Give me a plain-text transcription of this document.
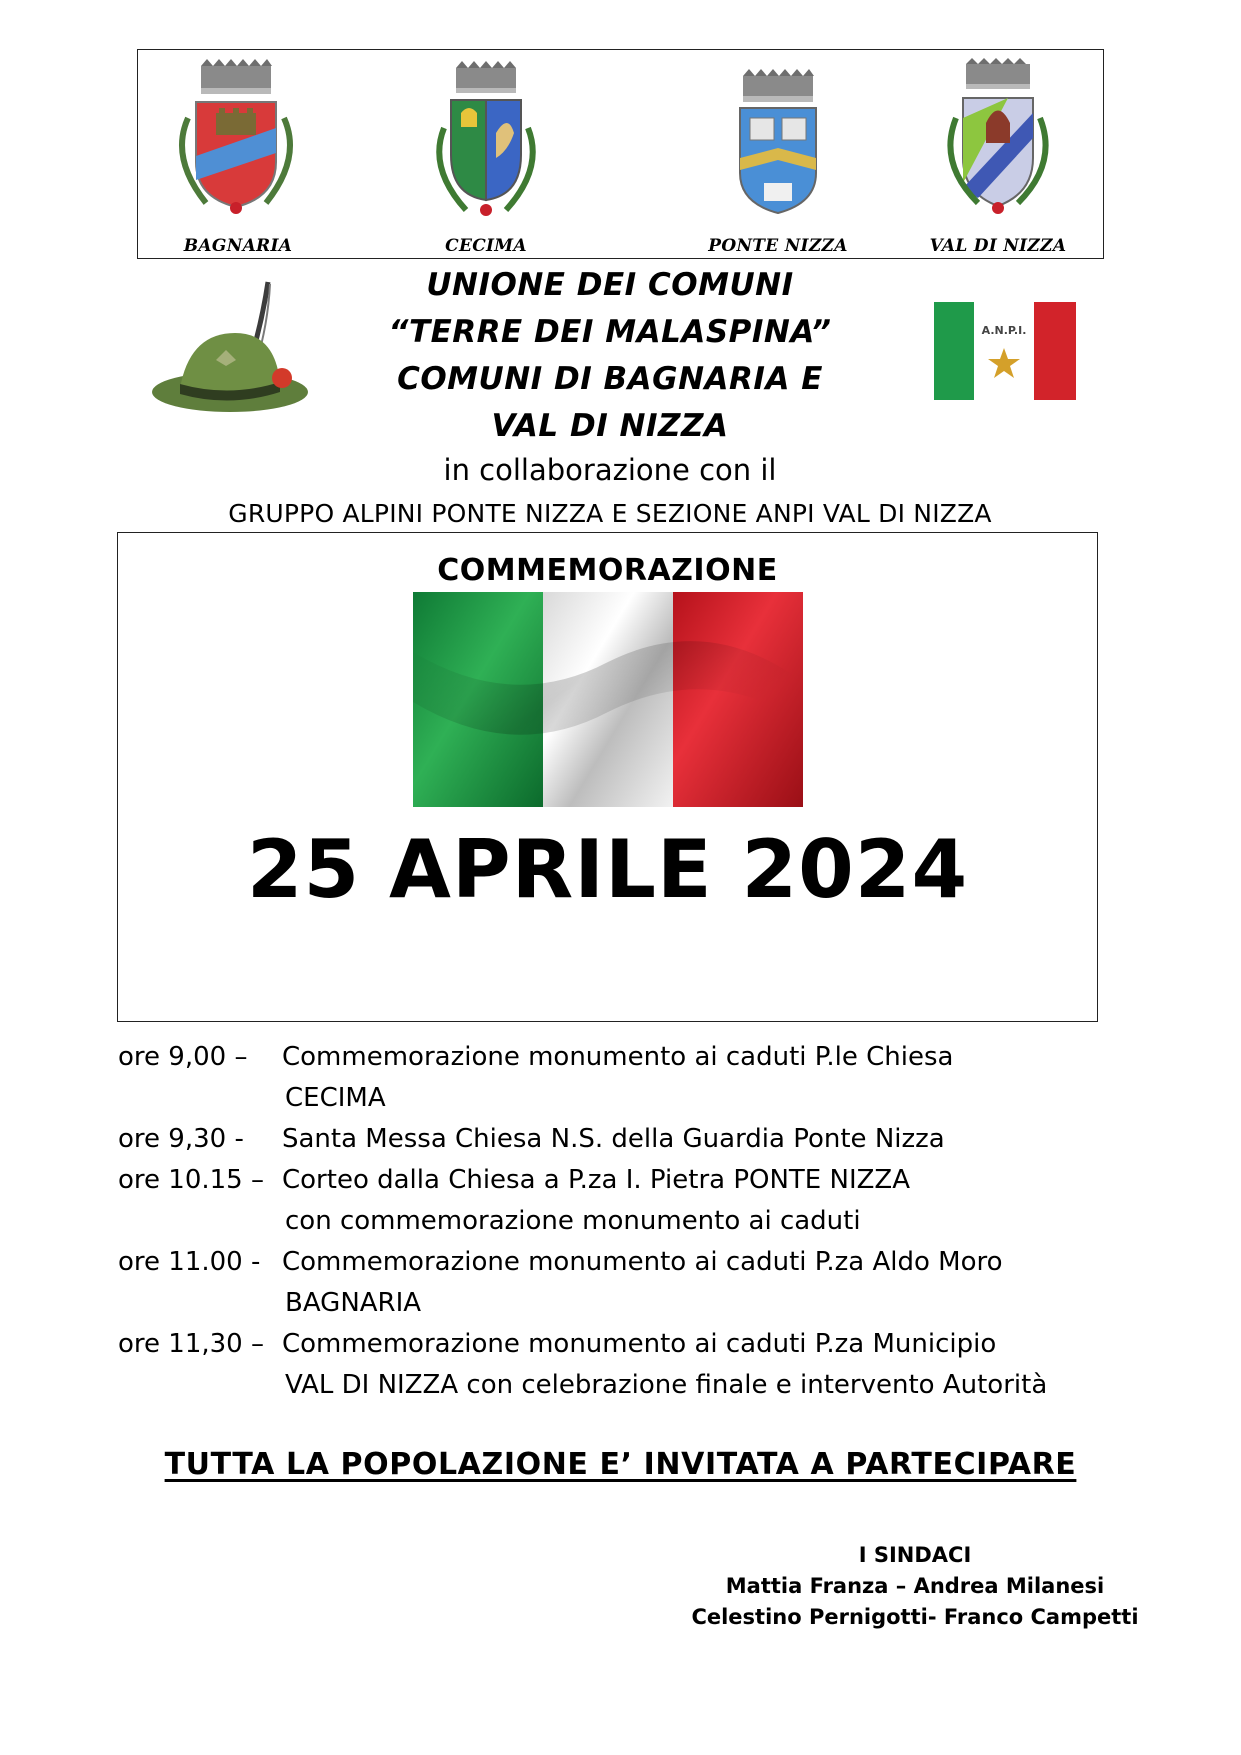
BAGNARIA	CECIMA	PONTE NIZZA	VAL DI NIZZA
UNIONE DEI COMUNI
“TERRE DEI MALASPINA”
COMUNI DI BAGNARIA E
VAL DI NIZZA
A.N.P.I.
in collaborazione con il
GRUPPO ALPINI PONTE NIZZA E SEZIONE ANPI VAL DI NIZZA
COMMEMORAZIONE
25 APRILE 2024
ore 9,00 – Commemorazione monumento ai caduti P.le Chiesa
CECIMA
ore 9,30 - Santa Messa Chiesa N.S. della Guardia Ponte Nizza
ore 10.15 – Corteo dalla Chiesa a P.za I. Pietra PONTE NIZZA
con commemorazione monumento ai caduti
ore 11.00 - Commemorazione monumento ai caduti P.za Aldo Moro
BAGNARIA
ore 11,30 – Commemorazione monumento ai caduti P.za Municipio
VAL DI NIZZA con celebrazione finale e intervento Autorità
TUTTA LA POPOLAZIONE E’ INVITATA A PARTECIPARE
I SINDACI
Mattia Franza – Andrea Milanesi
Celestino Pernigotti- Franco Campetti
